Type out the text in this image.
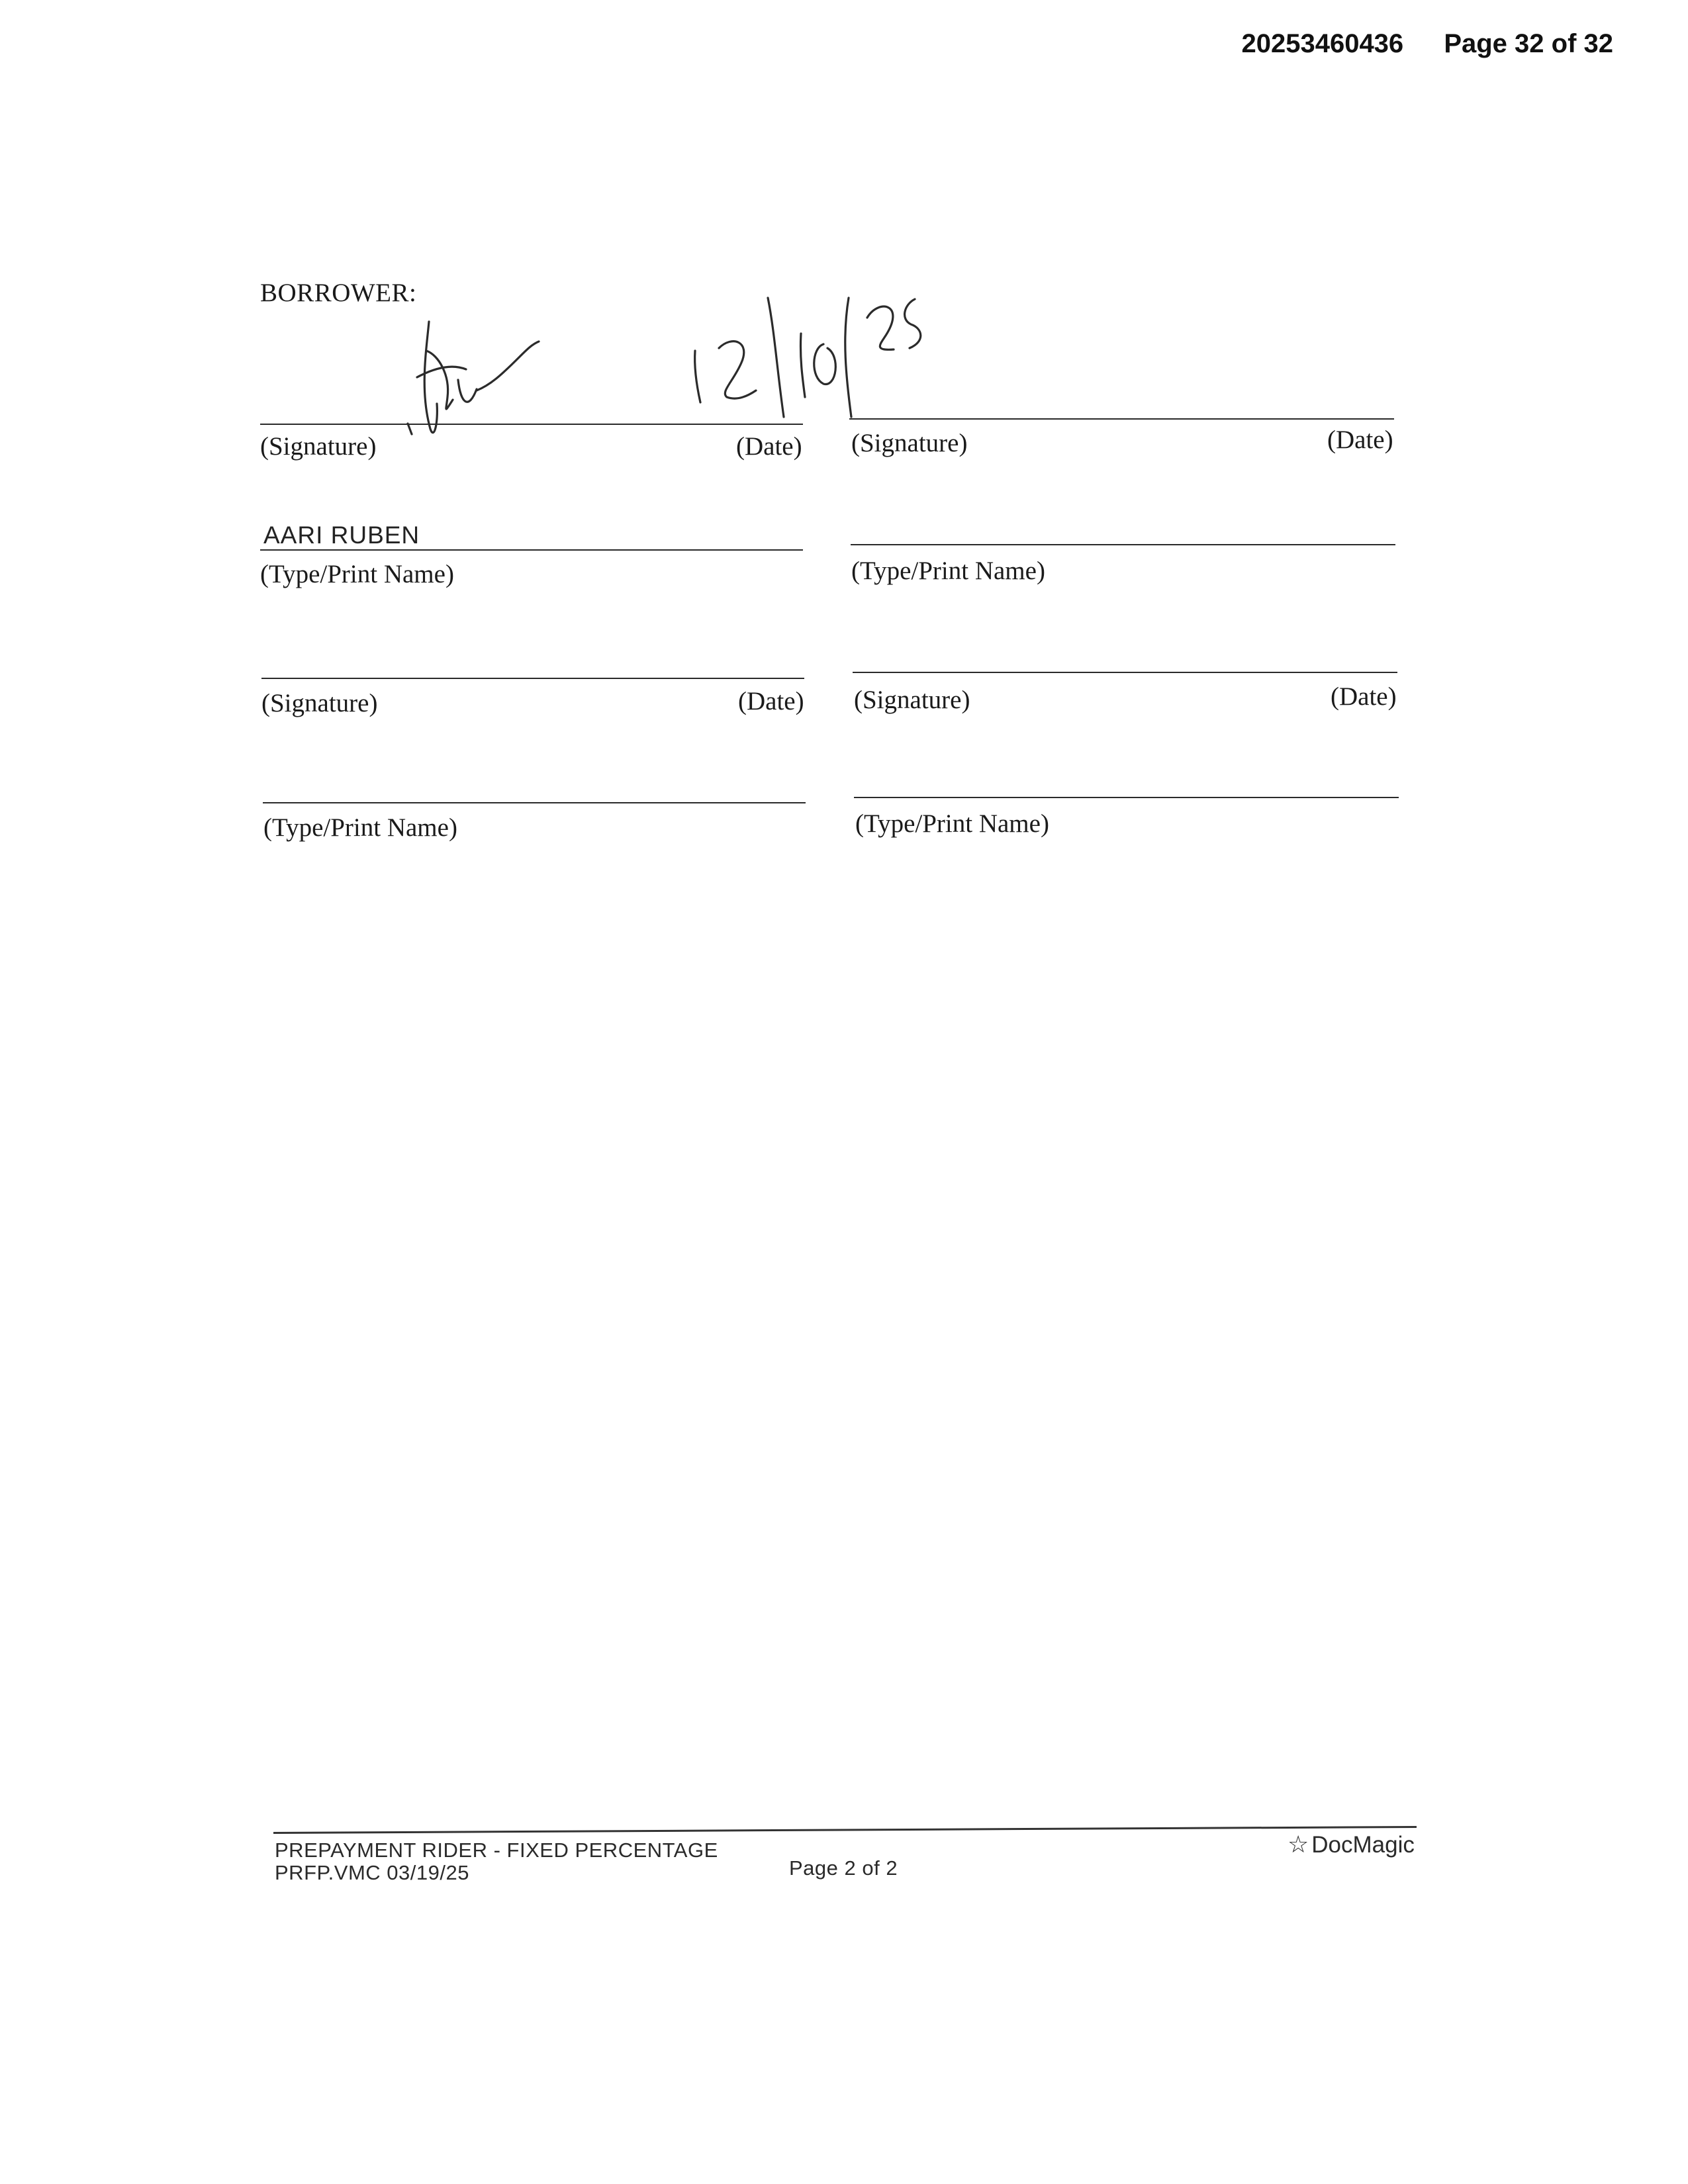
20253460436 Page 32 of 32
BORROWER:
(Signature)	(Date) (Signature)	(Date)
AARI RUBEN
(Type/Print Name)	(Type/Print Name)
(Signature)	(Date) (Signature)	(Date)
(Type/Print Name)	(Type/Print Name)
PREPAYMENT RIDER - FIXED PERCENTAGE
PRFP.VMC 03/19/25	Page 2 of 2
☆ DocMagic
